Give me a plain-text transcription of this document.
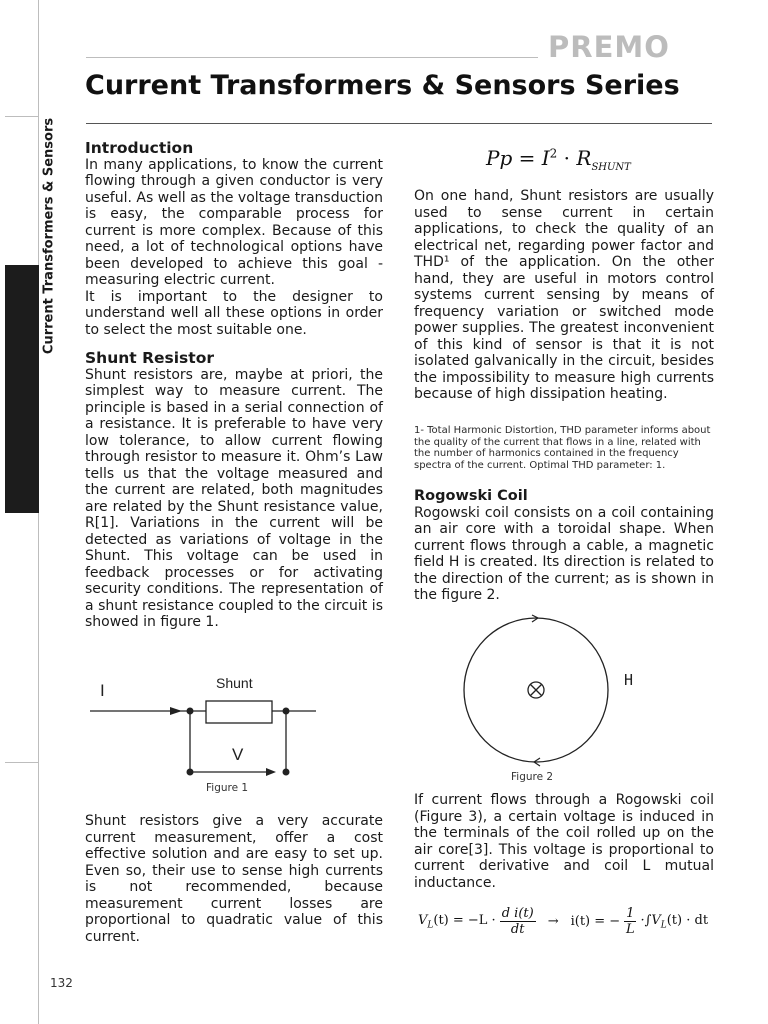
Current Transformers & Sensors
PREMO
Current Transformers & Sensors Series
Introduction

In many applications, to know the current flowing through a given conductor is very useful. As well as the voltage transduction is easy, the comparable process for current is more complex. Because of this need, a lot of technological options have been developed to achieve this goal - measuring electric current.

It is important to the designer to understand well all these options in order to select the most suitable one.

Shunt Resistor

Shunt resistors are, maybe at priori, the simplest way to measure current. The principle is based in a serial connection of a resistance. It is preferable to have very low tolerance, to allow current flowing through resistor to measure it. Ohm’s Law tells us that the voltage measured and the current are related, both magnitudes are related by the Shunt resistance value, R[1]. Variations in the current will be detected as variations of voltage in the Shunt. This voltage can be used in feedback processes or for activating security conditions. The representation of a shunt resistance coupled to the circuit is showed in figure 1.

I	Shunt
V
Figure 1

Shunt resistors give a very accurate current measurement, offer a cost effective solution and are easy to set up. Even so, their use to sense high currents is not recommended, because measurement current losses are proportional to quadratic value of this current.

$Pp = I^2 \cdot R_{SHUNT}$

On one hand, Shunt resistors are usually used to sense current in certain applications, to check the quality of an electrical net, regarding power factor and THD¹ of the application. On the other hand, they are useful in motors control systems current sensing by means of frequency variation or switched mode power supplies. The greatest inconvenient of this kind of sensor is that it is not isolated galvanically in the circuit, besides the impossibility to measure high currents because of high dissipation heating.

1- Total Harmonic Distortion, THD parameter informs about the quality of the current that flows in a line, related with the number of harmonics contained in the frequency spectra of the current. Optimal THD parameter: 1.
Rogowski Coil

Rogowski coil consists on a coil containing an air core with a toroidal shape. When current flows through a cable, a magnetic field H is created. Its direction is related to the direction of the current; as is shown in the figure 2.

H
Figure 2

If current flows through a Rogowski coil (Figure 3), a certain voltage is induced in the terminals of the coil rolled up on the air core[3]. This voltage is proportional to current derivative and coil L mutual inductance.

$V_L(t) = -L \cdot d$ i(t)
dt
→ i(t) = − $\frac{1}{L} \cdot\int V_L(t)$ · dt
132
